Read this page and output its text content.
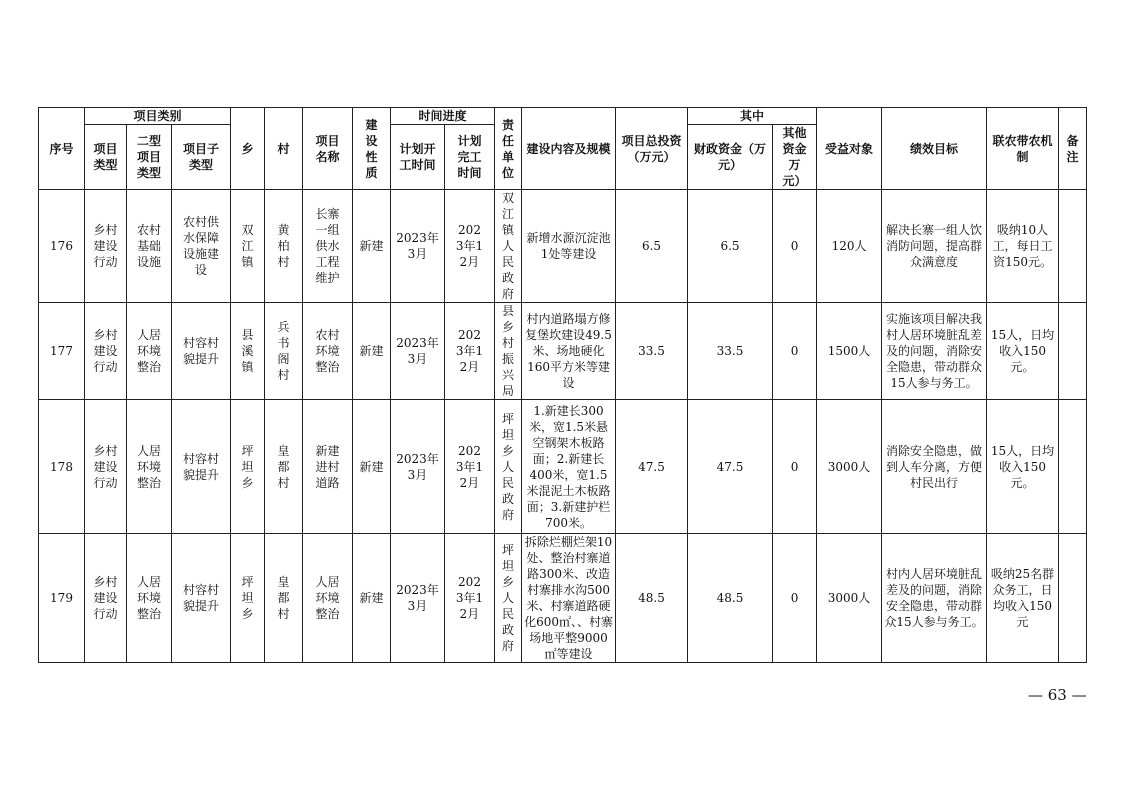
序号	项目类别			乡	村	项目名称	建设性质	时间进度		责任单位	建设内容及规模	项目总投资（万元）	其中		受益对象	绩效目标	联农带农机制	备注
	项目类型	二型项目类型	项目子类型					计划开工时间	计划完工时间				财政资金（万元）	其他资金万元）				
176	乡村建设行动	农村基础设施	农村供水保障设施建设	双江镇	黄柏村	长寨一组供水工程维护	新建	2023年3月	2023年12月	双江镇人民政府	新增水源沉淀池1处等建设	6.5	6.5	0	120人	解决长寨一组人饮消防问题，提高群众满意度	吸纳10人工，每日工资150元。	
177	乡村建设行动	人居环境整治	村容村貌提升	县溪镇	兵书阁村	农村环境整治	新建	2023年3月	2023年12月	县乡村振兴局	村内道路塌方修复堡坎建设49.5米、场地硬化160平方米等建设	33.5	33.5	0	1500人	实施该项目解决我村人居环境脏乱差及的问题，消除安全隐患，带动群众15人参与务工。	15人，日均收入150元。	
178	乡村建设行动	人居环境整治	村容村貌提升	坪坦乡	皇都村	新建进村道路	新建	2023年3月	2023年12月	坪坦乡人民政府	1.新建长300米，宽1.5米悬空钢架木板路面；2.新建长400米，宽1.5米混泥土木板路面；3.新建护栏700米。	47.5	47.5	0	3000人	消除安全隐患，做到人车分离，方便村民出行	15人，日均收入150元。	
179	乡村建设行动	人居环境整治	村容村貌提升	坪坦乡	皇都村	人居环境整治	新建	2023年3月	2023年12月	坪坦乡人民政府	拆除烂棚烂架10处、整治村寨道路300米、改造村寨排水沟500米、村寨道路硬化600㎡、、村寨场地平整9000㎡等建设	48.5	48.5	0	3000人	村内人居环境脏乱差及的问题，消除安全隐患，带动群众15人参与务工。	吸纳25名群众务工，日均收入150元	
— 63 —
